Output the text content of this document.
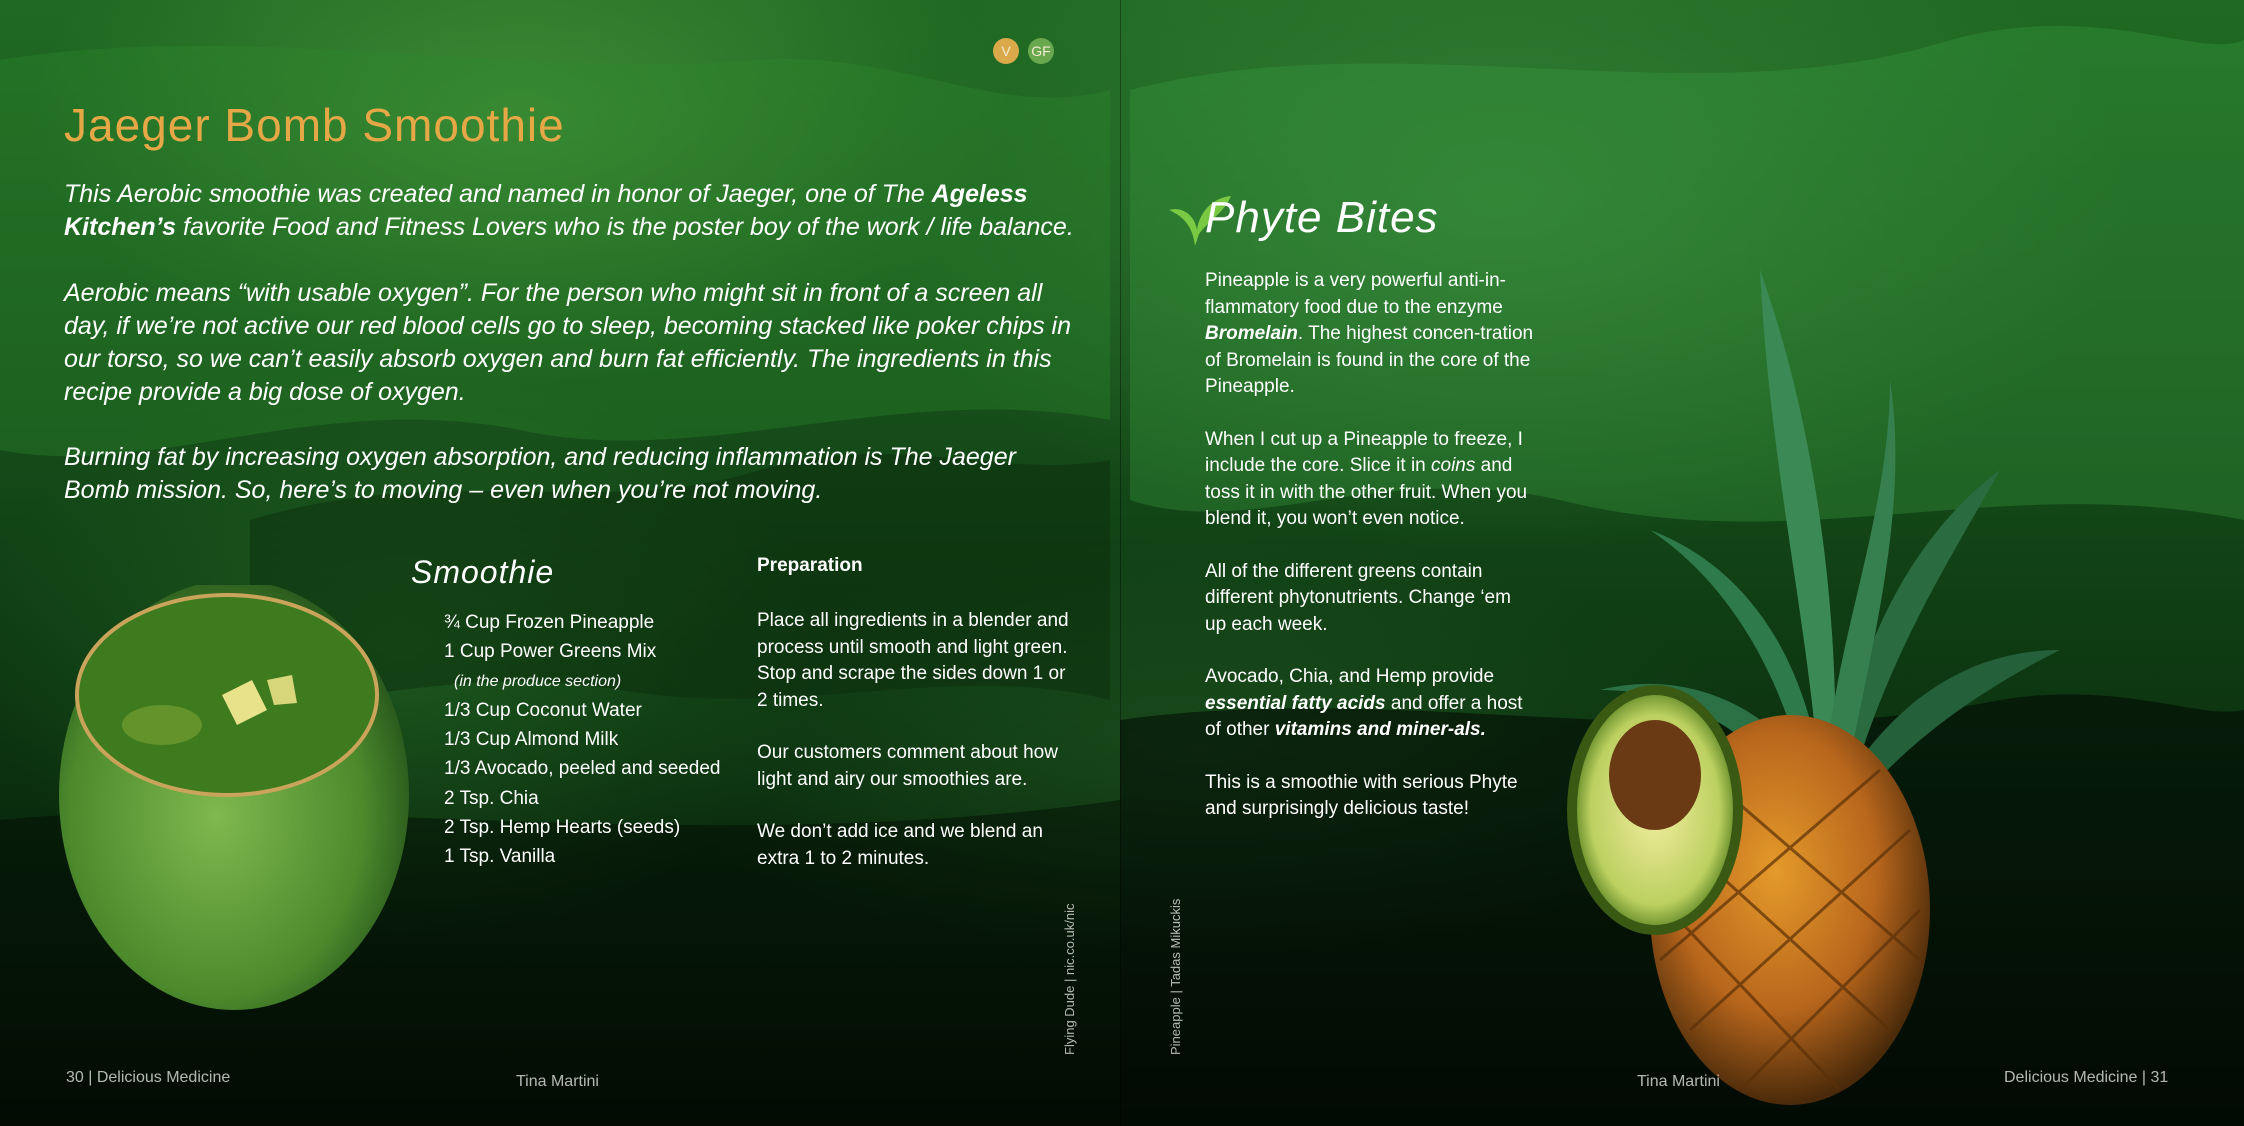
V	GF
Jaeger Bomb Smoothie

This Aerobic smoothie was created and named in honor of Jaeger, one of The Ageless Kitchen’s favorite Food and Fitness Lovers who is the poster boy of the work / life balance.

Aerobic means “with usable oxygen”. For the person who might sit in front of a screen all day, if we’re not active our red blood cells go to sleep, becoming stacked like poker chips in our torso, so we can’t easily absorb oxygen and burn fat efficiently. The ingredients in this recipe provide a big dose of oxygen.

Burning fat by increasing oxygen absorption, and reducing inflammation is The Jaeger Bomb mission. So, here’s to moving – even when you’re not moving.

Smoothie
¾ Cup Frozen Pineapple
1 Cup Power Greens Mix
(in the produce section)
1/3 Cup Coconut Water
1/3 Cup Almond Milk
1/3 Avocado, peeled and seeded
2 Tsp. Chia
2 Tsp. Hemp Hearts (seeds)
1 Tsp. Vanilla
Preparation

Place all ingredients in a blender and process until smooth and light green. Stop and scrape the sides down 1 or 2 times.

Our customers comment about how light and airy our smoothies are.

We don’t add ice and we blend an extra 1 to 2 minutes.

Flying Dude | nic.co.uk/nic	Pineapple | Tadas Mikuckis
Phyte Bites

Pineapple is a very powerful anti-in-flammatory food due to the enzyme Bromelain. The highest concen-tration of Bromelain is found in the core of the Pineapple.

When I cut up a Pineapple to freeze, I include the core. Slice it in coins and toss it in with the other fruit. When you blend it, you won’t even notice.

All of the different greens contain different phytonutrients. Change ‘em up each week.

Avocado, Chia, and Hemp provide essential fatty acids and offer a host of other vitamins and miner-als.

This is a smoothie with serious Phyte and surprisingly delicious taste!

30 | Delicious Medicine	Tina Martini	Tina Martini	Delicious Medicine | 31
